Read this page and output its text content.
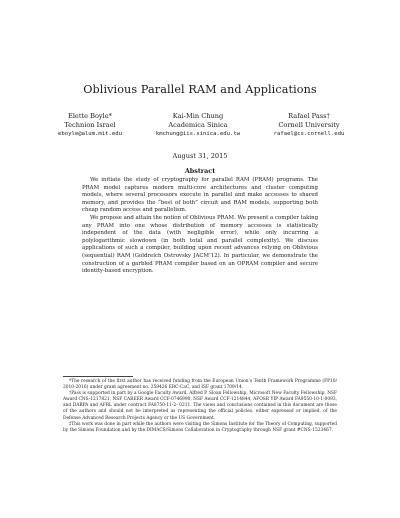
Oblivious Parallel RAM and Applications
Elette Boyle*
Technion Israel
eboyle@alum.mit.edu
Kai-Min Chung
Academica Sinica
kmchung@iis.sinica.edu.tw
Rafael Pass†
Cornell University
rafael@cs.cornell.edu
August 31, 2015
Abstract

We initiate the study of cryptography for parallel RAM (PRAM) programs. The PRAM model captures modern multi-core architectures and cluster computing models, where several processors execute in parallel and make accesses to shared memory, and provides the “best of both” circuit and RAM models, supporting both cheap random access and parallelism.

We propose and attain the notion of Oblivious PRAM. We present a compiler taking any PRAM into one whose distribution of memory accesses is statistically independent of the data (with negligible error), while only incurring a polylogarithmic slowdown (in both total and parallel complexity). We discuss applications of such a compiler, building upon recent advances relying on Oblivious (sequential) RAM (Goldreich Ostrovsky JACM’12). In particular, we demonstrate the construction of a garbled PRAM compiler based on an OPRAM compiler and secure identity-based encryption.

*The research of the first author has received funding from the European Union’s Tenth Framework Programme (FP10/ 2010-2016) under grant agreement no. 259426 ERC-CaC, and ISF grant 1709/14.

†Pass is supported in part by a Google Faculty Award, Alfred P. Sloan Fellowship, Microsoft New Faculty Fellowship, NSF Award CNS-1217821, NSF CAREER Award CCF-0746990, NSF Award CCF-1214844, AFOSR YIP Award FA9550-10-1-0093, and DARPA and AFRL under contract FA8750-11-2- 0211. The views and conclusions contained in this document are those of the authors and should not be interpreted as representing the official policies, either expressed or implied, of the Defense Advanced Research Projects Agency or the US Government.

‡This work was done in part while the authors were visiting the Simons Institute for the Theory of Computing, supported by the Simons Foundation and by the DIMACS/Simons Collaboration in Cryptography through NSF grant #CNS-1523467.
